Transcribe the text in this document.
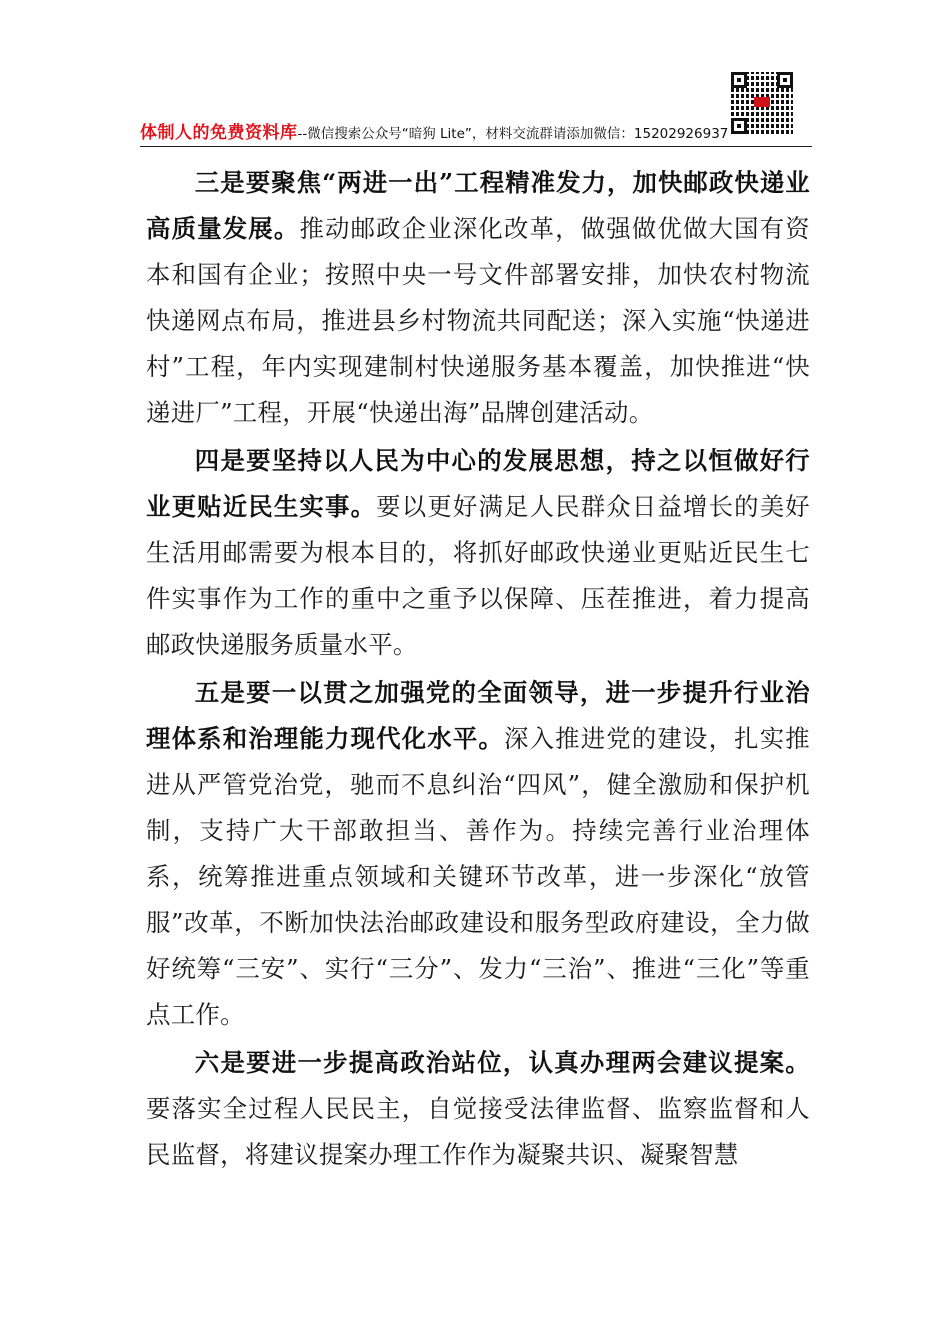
体制人的免费资料库--微信搜索公众号“暗狗 Lite”，材料交流群请添加微信：15202926937

三是要聚焦“两进一出”工程精准发力，加快邮政快递业高质量发展。推动邮政企业深化改革，做强做优做大国有资本和国有企业；按照中央一号文件部署安排，加快农村物流快递网点布局，推进县乡村物流共同配送；深入实施“快递进村”工程，年内实现建制村快递服务基本覆盖，加快推进“快递进厂”工程，开展“快递出海”品牌创建活动。

四是要坚持以人民为中心的发展思想，持之以恒做好行业更贴近民生实事。要以更好满足人民群众日益增长的美好生活用邮需要为根本目的，将抓好邮政快递业更贴近民生七件实事作为工作的重中之重予以保障、压茬推进，着力提高邮政快递服务质量水平。

五是要一以贯之加强党的全面领导，进一步提升行业治理体系和治理能力现代化水平。深入推进党的建设，扎实推进从严管党治党，驰而不息纠治“四风”，健全激励和保护机制，支持广大干部敢担当、善作为。持续完善行业治理体系，统筹推进重点领域和关键环节改革，进一步深化“放管服”改革，不断加快法治邮政建设和服务型政府建设，全力做好统筹“三安”、实行“三分”、发力“三治”、推进“三化”等重点工作。

六是要进一步提高政治站位，认真办理两会建议提案。要落实全过程人民民主，自觉接受法律监督、监察监督和人民监督，将建议提案办理工作作为凝聚共识、凝聚智慧
